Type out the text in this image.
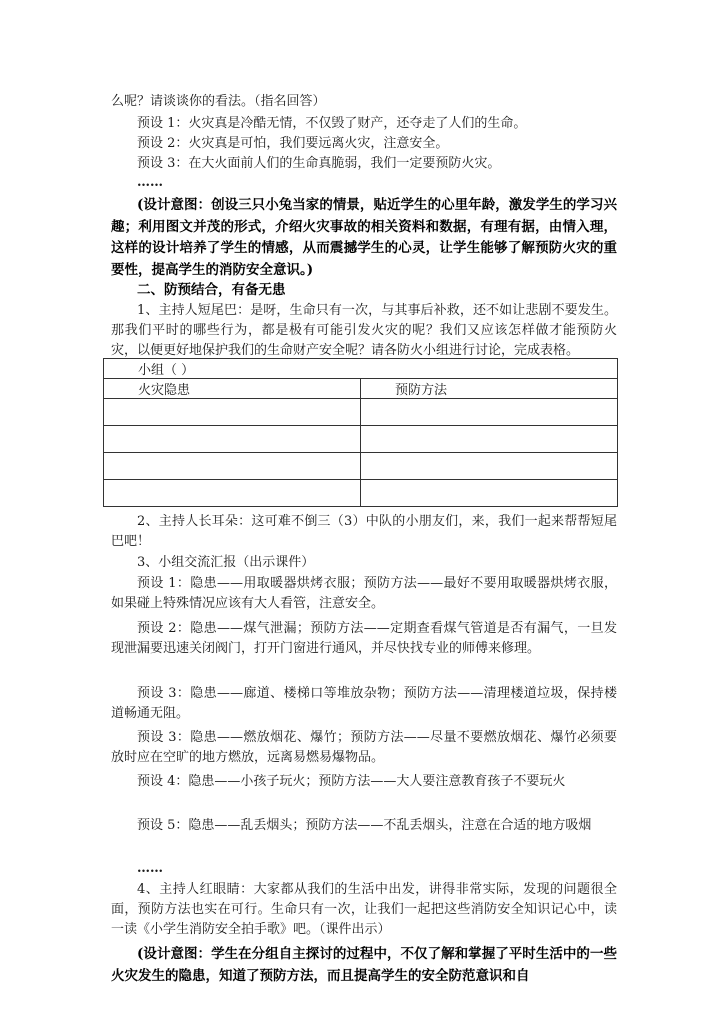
么呢？请谈谈你的看法。（指名回答）
预设 1：火灾真是冷酷无情，不仅毁了财产，还夺走了人们的生命。
预设 2：火灾真是可怕，我们要远离火灾，注意安全。
预设 3：在大火面前人们的生命真脆弱，我们一定要预防火灾。
……
(设计意图：创设三只小兔当家的情景，贴近学生的心里年龄，激发学生的学习兴趣；利用图文并茂的形式，介绍火灾事故的相关资料和数据，有理有据，由情入理，这样的设计培养了学生的情感，从而震撼学生的心灵，让学生能够了解预防火灾的重要性，提高学生的消防安全意识。)
二、防预结合，有备无患
1、主持人短尾巴：是呀，生命只有一次，与其事后补救，还不如让悲剧不要发生。那我们平时的哪些行为，都是极有可能引发火灾的呢？我们又应该怎样做才能预防火灾，以便更好地保护我们的生命财产安全呢？请各防火小组进行讨论，完成表格。
小组（ ）	
火灾隐患	预防方法

2、主持人长耳朵：这可难不倒三（3）中队的小朋友们，来，我们一起来帮帮短尾巴吧！
3、小组交流汇报（出示课件）
预设 1：隐患——用取暖器烘烤衣服；预防方法——最好不要用取暖器烘烤衣服，如果碰上特殊情况应该有大人看管，注意安全。
预设 2：隐患——煤气泄漏；预防方法——定期查看煤气管道是否有漏气，一旦发现泄漏要迅速关闭阀门，打开门窗进行通风，并尽快找专业的师傅来修理。
预设 3：隐患——廊道、楼梯口等堆放杂物；预防方法——清理楼道垃圾，保持楼道畅通无阻。
预设 3：隐患——燃放烟花、爆竹；预防方法——尽量不要燃放烟花、爆竹必须要放时应在空旷的地方燃放，远离易燃易爆物品。
预设 4：隐患——小孩子玩火；预防方法——大人要注意教育孩子不要玩火
预设 5：隐患——乱丢烟头；预防方法——不乱丢烟头，注意在合适的地方吸烟
……
4、主持人红眼睛：大家都从我们的生活中出发，讲得非常实际，发现的问题很全面，预防方法也实在可行。生命只有一次，让我们一起把这些消防安全知识记心中，读一读《小学生消防安全拍手歌》吧。（课件出示）
(设计意图：学生在分组自主探讨的过程中，不仅了解和掌握了平时生活中的一些火灾发生的隐患，知道了预防方法，而且提高学生的安全防范意识和自
